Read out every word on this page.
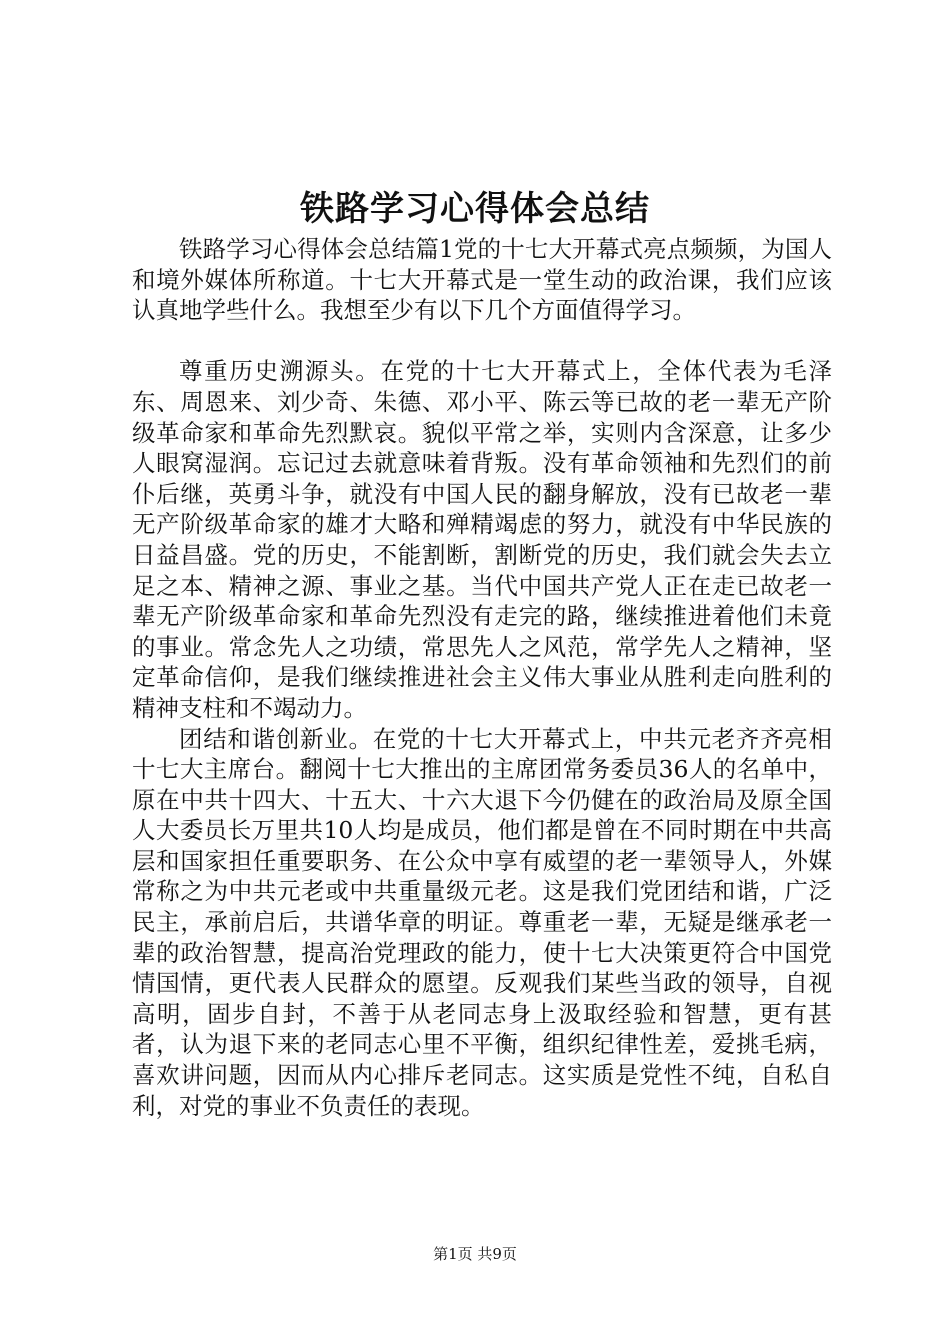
铁路学习心得体会总结

铁路学习心得体会总结篇1党的十七大开幕式亮点频频，为国人和境外媒体所称道。十七大开幕式是一堂生动的政治课，我们应该认真地学些什么。我想至少有以下几个方面值得学习。

尊重历史溯源头。在党的十七大开幕式上，全体代表为毛泽东、周恩来、刘少奇、朱德、邓小平、陈云等已故的老一辈无产阶级革命家和革命先烈默哀。貌似平常之举，实则内含深意，让多少人眼窝湿润。忘记过去就意味着背叛。没有革命领袖和先烈们的前仆后继，英勇斗争，就没有中国人民的翻身解放，没有已故老一辈无产阶级革命家的雄才大略和殚精竭虑的努力，就没有中华民族的日益昌盛。党的历史，不能割断，割断党的历史，我们就会失去立足之本、精神之源、事业之基。当代中国共产党人正在走已故老一辈无产阶级革命家和革命先烈没有走完的路，继续推进着他们未竟的事业。常念先人之功绩，常思先人之风范，常学先人之精神，坚定革命信仰，是我们继续推进社会主义伟大事业从胜利走向胜利的精神支柱和不竭动力。

团结和谐创新业。在党的十七大开幕式上，中共元老齐齐亮相十七大主席台。翻阅十七大推出的主席团常务委员36人的名单中，原在中共十四大、十五大、十六大退下今仍健在的政治局及原全国人大委员长万里共10人均是成员，他们都是曾在不同时期在中共高层和国家担任重要职务、在公众中享有威望的老一辈领导人，外媒常称之为中共元老或中共重量级元老。这是我们党团结和谐，广泛民主，承前启后，共谱华章的明证。尊重老一辈，无疑是继承老一辈的政治智慧，提高治党理政的能力，使十七大决策更符合中国党情国情，更代表人民群众的愿望。反观我们某些当政的领导，自视高明，固步自封，不善于从老同志身上汲取经验和智慧，更有甚者，认为退下来的老同志心里不平衡，组织纪律性差，爱挑毛病，喜欢讲问题，因而从内心排斥老同志。这实质是党性不纯，自私自利，对党的事业不负责任的表现。

第1页 共9页
